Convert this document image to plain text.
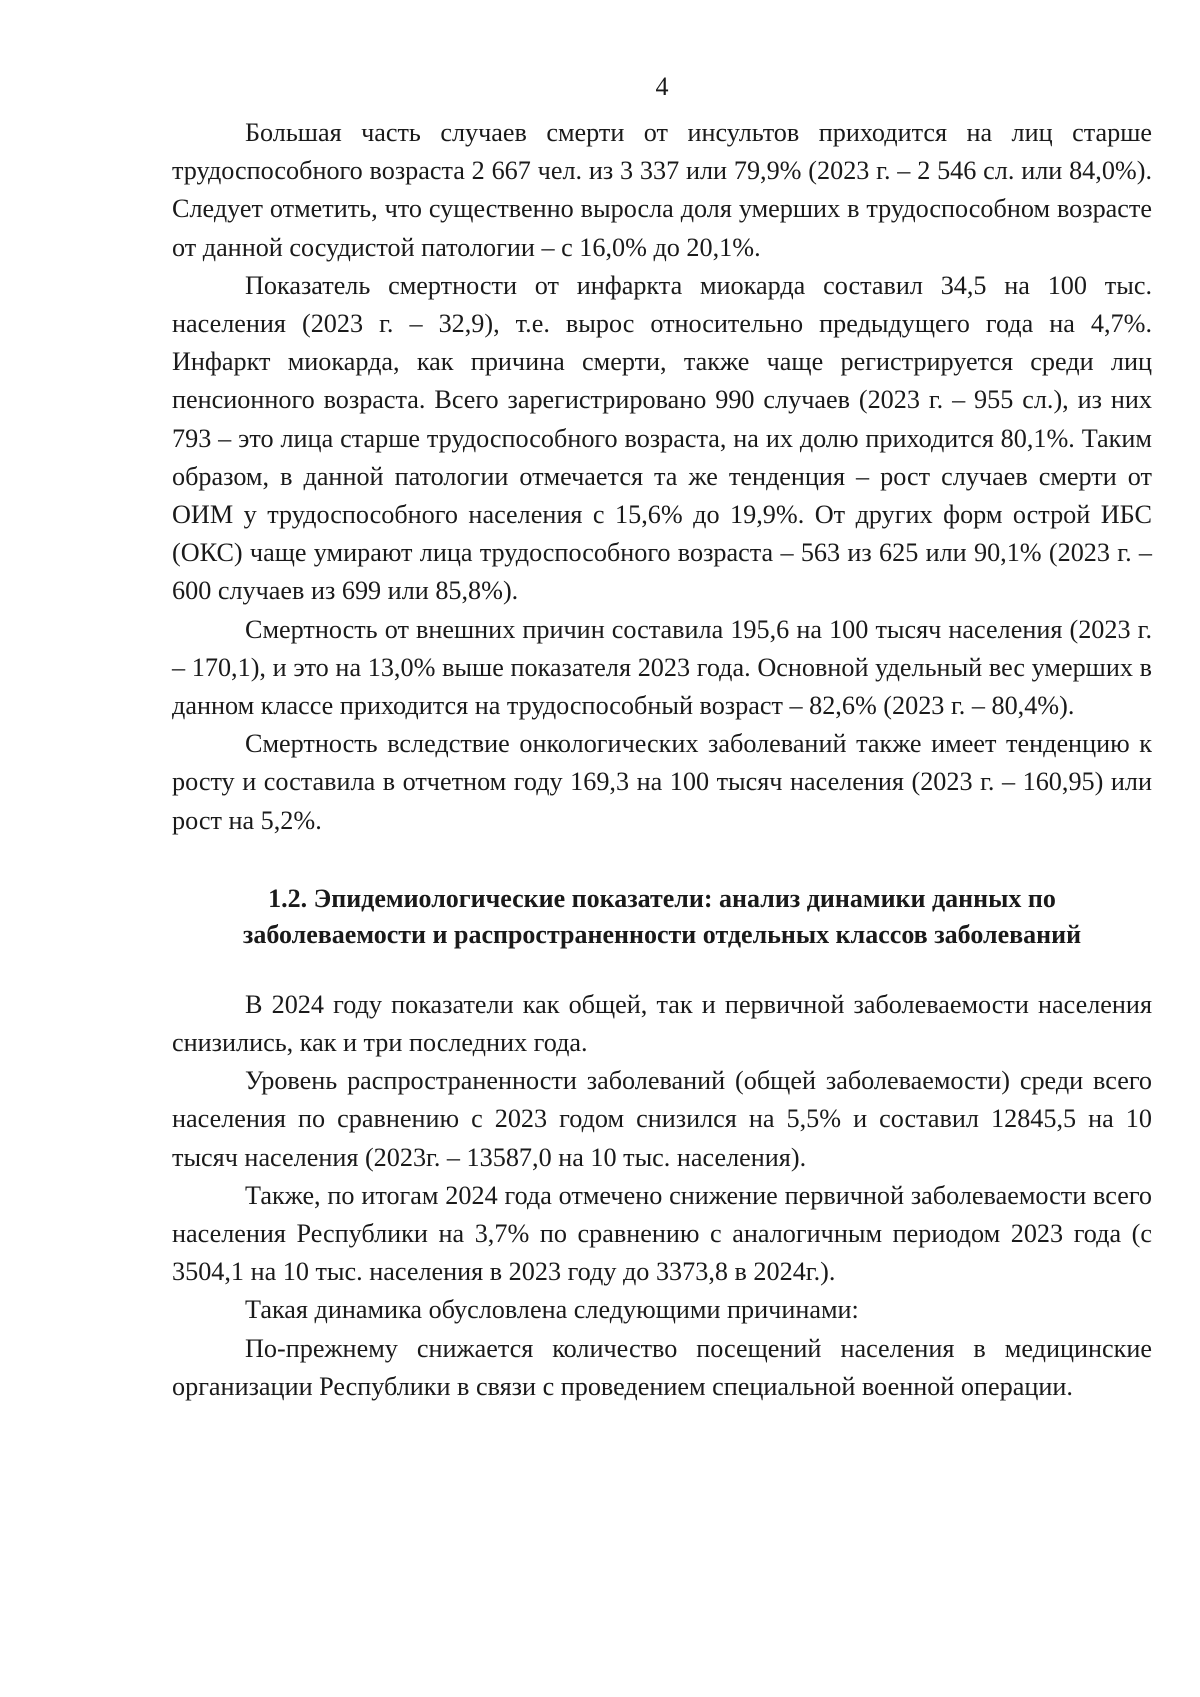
4

Большая часть случаев смерти от инсультов приходится на лиц старше трудоспособного возраста 2 667 чел. из 3 337 или 79,9% (2023 г. – 2 546 сл. или 84,0%). Следует отметить, что существенно выросла доля умерших в трудоспособном возрасте от данной сосудистой патологии – с 16,0% до 20,1%.

Показатель смертности от инфаркта миокарда составил 34,5 на 100 тыс. населения (2023 г. – 32,9), т.е. вырос относительно предыдущего года на 4,7%. Инфаркт миокарда, как причина смерти, также чаще регистрируется среди лиц пенсионного возраста. Всего зарегистрировано 990 случаев (2023 г. – 955 сл.), из них 793 – это лица старше трудоспособного возраста, на их долю приходится 80,1%. Таким образом, в данной патологии отмечается та же тенденция – рост случаев смерти от ОИМ у трудоспособного населения с 15,6% до 19,9%. От других форм острой ИБС (ОКС) чаще умирают лица трудоспособного возраста – 563 из 625 или 90,1% (2023 г. – 600 случаев из 699 или 85,8%).

Смертность от внешних причин составила 195,6 на 100 тысяч населения (2023 г. – 170,1), и это на 13,0% выше показателя 2023 года. Основной удельный вес умерших в данном классе приходится на трудоспособный возраст – 82,6% (2023 г. – 80,4%).

Смертность вследствие онкологических заболеваний также имеет тенденцию к росту и составила в отчетном году 169,3 на 100 тысяч населения (2023 г. – 160,95) или рост на 5,2%.

1.2. Эпидемиологические показатели: анализ динамики данных по заболеваемости и распространенности отдельных классов заболеваний

В 2024 году показатели как общей, так и первичной заболеваемости населения снизились, как и три последних года.

Уровень распространенности заболеваний (общей заболеваемости) среди всего населения по сравнению с 2023 годом снизился на 5,5% и составил 12845,5 на 10 тысяч населения (2023г. – 13587,0 на 10 тыс. населения).

Также, по итогам 2024 года отмечено снижение первичной заболеваемости всего населения Республики на 3,7% по сравнению с аналогичным периодом 2023 года (с 3504,1 на 10 тыс. населения в 2023 году до 3373,8 в 2024г.).

Такая динамика обусловлена следующими причинами:

По-прежнему снижается количество посещений населения в медицинские организации Республики в связи с проведением специальной военной операции.
